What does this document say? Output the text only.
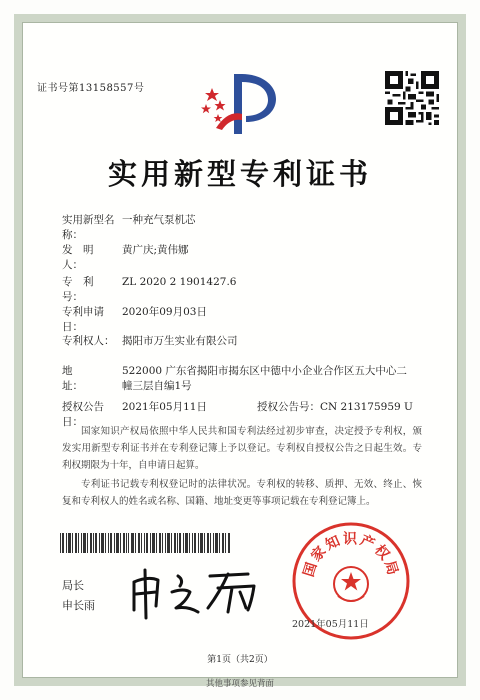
证书号第13158557号
实用新型专利证书
实用新型名称：一种充气泵机芯
发　明　人：黄广庆;黄伟娜
专　利　号：ZL 2020 2 1901427.6
专利申请日：2020年09月03日
专利权人： 揭阳市万生实业有限公司
地　　　址：522000 广东省揭阳市揭东区中德中小企业合作区五大中心二幢三层自编1号
授权公告日：2021年05月11日	授权公告号：CN 213175959 U
国家知识产权局依照中华人民共和国专利法经过初步审查，决定授予专利权，颁发实用新型专利证书并在专利登记簿上予以登记。专利权自授权公告之日起生效。专利权期限为十年，自申请日起算。
专利证书记载专利权登记时的法律状况。专利权的转移、质押、无效、终止、恢复和专利权人的姓名或名称、国籍、地址变更等事项记载在专利登记簿上。
局长
申长雨
国家知识产权局
2021年05月11日
第1页（共2页）
其他事项参见背面
